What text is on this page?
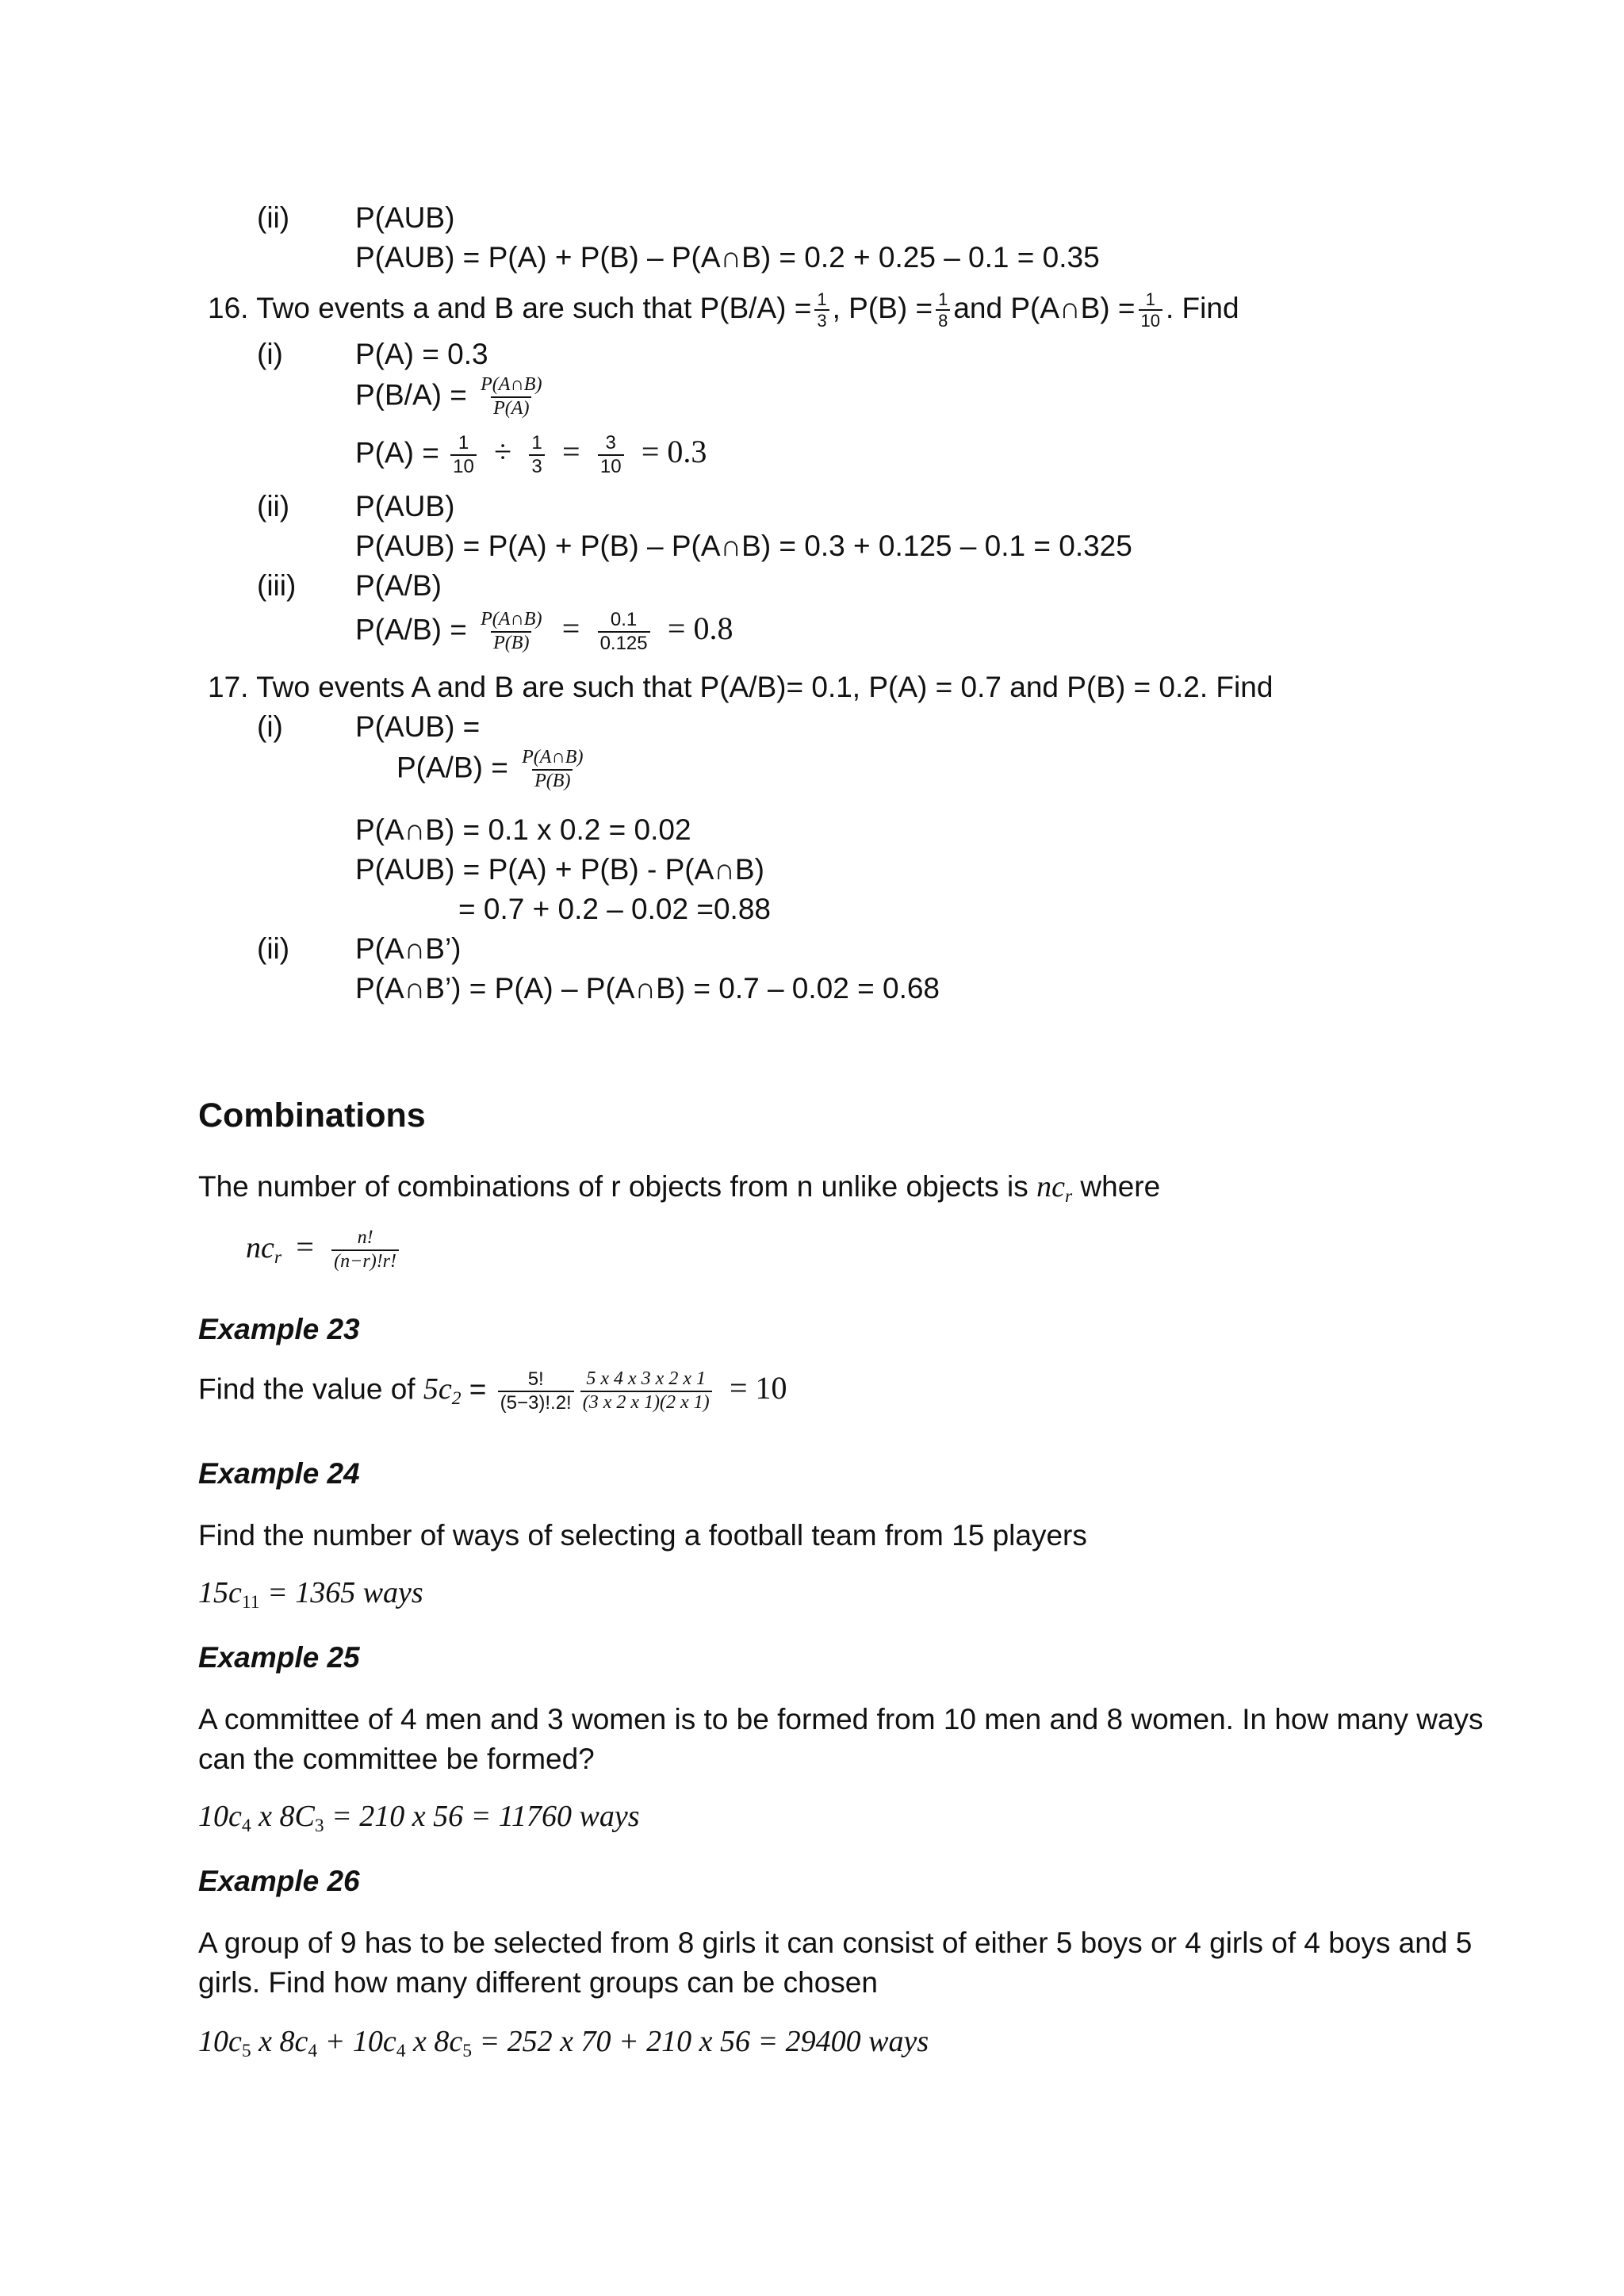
(ii) P(AUB)
P(AUB) = P(A) + P(B) – P(A∩B) = 0.2 + 0.25 – 0.1 = 0.35
16. Two events a and B are such that $P(B/A) = \frac{1}{3}$ , $P(B) = \frac{1}{8}$ and P(A∩B) = $\frac{1}{10}$ . Find
(i) P(A) = 0.3
$P(B/A) = \frac{P(A\cap B)}{P(A)}$
$P(A) = \frac{1}{10} \div \frac{1}{3} = \frac{3}{10} = 0.3$
(ii) P(AUB)
P(AUB) = P(A) + P(B) – P(A∩B) = 0.3 + 0.125 – 0.1 = 0.325
(iii) P(A/B)
$P(A/B) = \frac{P(A\cap B)}{P(B)} = \frac{0.1}{0.125} = 0.8$
17. Two events A and B are such that P(A/B)= 0.1, P(A) = 0.7 and P(B) = 0.2. Find
(i) P(AUB) =
$P(A/B) = \frac{P(A\cap B)}{P(B)}$
P(A∩B) = 0.1 x 0.2 = 0.02
P(AUB) = P(A) + P(B) - P(A∩B)
= 0.7 + 0.2 – 0.02 =0.88
(ii) P(A∩B’)
P(A∩B’) = P(A) – P(A∩B) = 0.7 – 0.02 = 0.68
Combinations
The number of combinations of r objects from n unlike objects is $nc_r$ where
$nc_r = \frac{n!}{(n-r)!r!}$
Example 23
Find the value of $5c_2 = \frac{5!}{(5-3)!.2!} \frac{5 x 4 x 3 x 2 x 1}{(3 x 2 x 1)(2 x 1)} = 10$
Example 24
Find the number of ways of selecting a football team from 15 players
$15c_{11} = 1365$ ways
Example 25
A committee of 4 men and 3 women is to be formed from 10 men and 8 women. In how many ways
can the committee be formed?
$10c_4$ x $8C_3 = 210$ x 56 = 11760 ways
Example 26
A group of 9 has to be selected from 8 girls it can consist of either 5 boys or 4 girls of 4 boys and 5
girls. Find how many different groups can be chosen
$10c_5$ x $8c_4 + 10c_4$ x $8c_5 = 252$ x 70 + 210 x 56 = 29400 ways
